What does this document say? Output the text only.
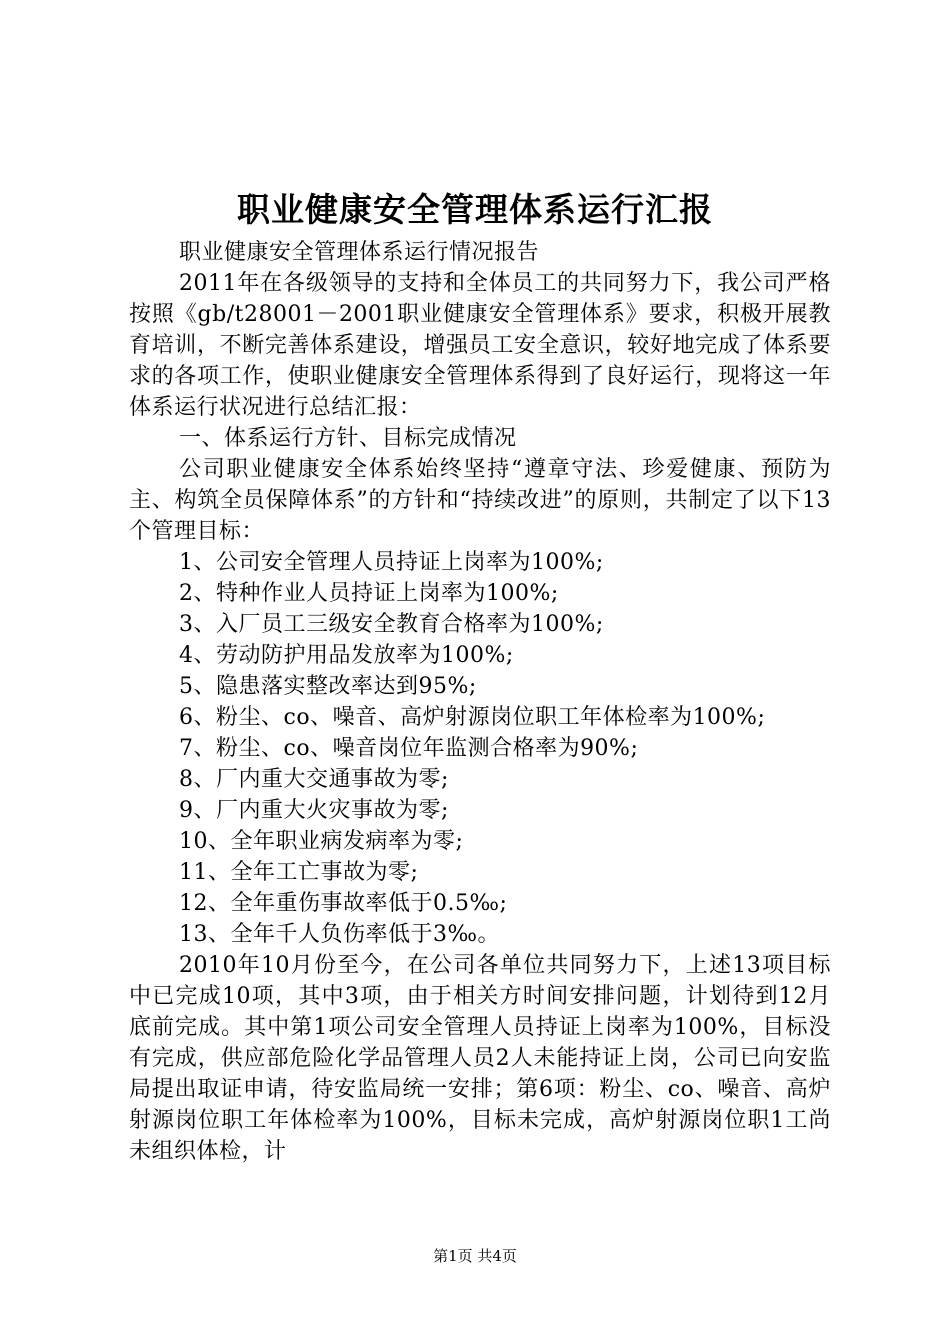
职业健康安全管理体系运行汇报

职业健康安全管理体系运行情况报告

2011年在各级领导的支持和全体员工的共同努力下，我公司严格按照《gb/t28001－2001职业健康安全管理体系》要求，积极开展教育培训，不断完善体系建设，增强员工安全意识，较好地完成了体系要求的各项工作，使职业健康安全管理体系得到了良好运行，现将这一年体系运行状况进行总结汇报：

一、体系运行方针、目标完成情况

公司职业健康安全体系始终坚持“遵章守法、珍爱健康、预防为主、构筑全员保障体系”的方针和“持续改进”的原则，共制定了以下13个管理目标：

1、公司安全管理人员持证上岗率为100%;

2、特种作业人员持证上岗率为100%;

3、入厂员工三级安全教育合格率为100%;

4、劳动防护用品发放率为100%;

5、隐患落实整改率达到95%;

6、粉尘、co、噪音、高炉射源岗位职工年体检率为100%;

7、粉尘、co、噪音岗位年监测合格率为90%;

8、厂内重大交通事故为零;

9、厂内重大火灾事故为零;

10、全年职业病发病率为零;

11、全年工亡事故为零;

12、全年重伤事故率低于0.5‰;

13、全年千人负伤率低于3‰。

2010年10月份至今，在公司各单位共同努力下，上述13项目标中已完成10项，其中3项，由于相关方时间安排问题，计划待到12月底前完成。其中第1项公司安全管理人员持证上岗率为100%，目标没有完成，供应部危险化学品管理人员2人未能持证上岗，公司已向安监局提出取证申请，待安监局统一安排；第6项：粉尘、co、噪音、高炉射源岗位职工年体检率为100%，目标未完成，高炉射源岗位职1工尚未组织体检，计

第1页 共4页
